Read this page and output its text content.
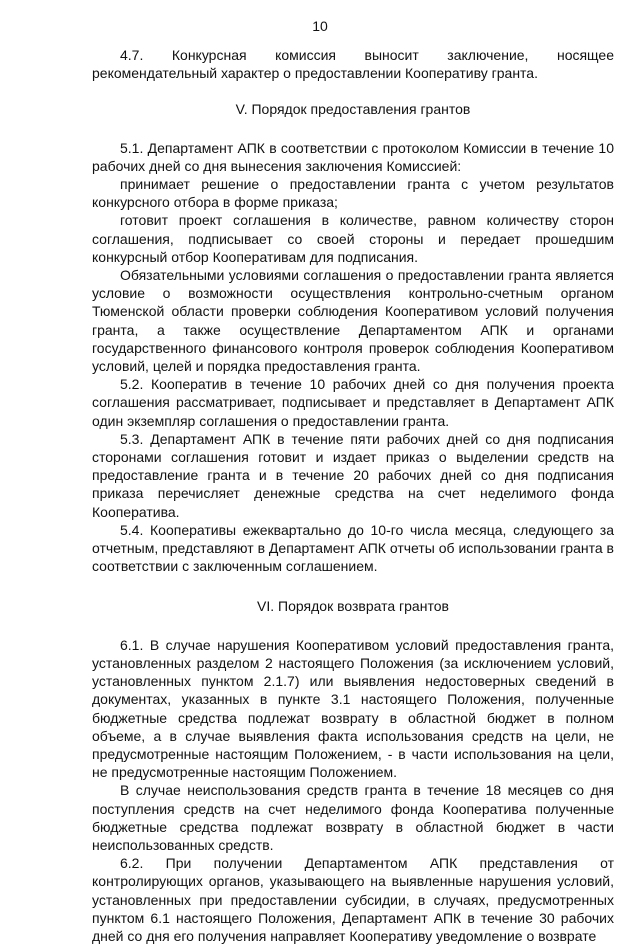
10

4.7. Конкурсная комиссия выносит заключение, носящее рекомендательный характер о предоставлении Кооперативу гранта.

V. Порядок предоставления грантов

5.1. Департамент АПК в соответствии с протоколом Комиссии в течение 10 рабочих дней со дня вынесения заключения Комиссией:

принимает решение о предоставлении гранта с учетом результатов конкурсного отбора в форме приказа;

готовит проект соглашения в количестве, равном количеству сторон соглашения, подписывает со своей стороны и передает прошедшим конкурсный отбор Кооперативам для подписания.

Обязательными условиями соглашения о предоставлении гранта является условие о возможности осуществления контрольно-счетным органом Тюменской области проверки соблюдения Кооперативом условий получения гранта, а также осуществление Департаментом АПК и органами государственного финансового контроля проверок соблюдения Кооперативом условий, целей и порядка предоставления гранта.

5.2. Кооператив в течение 10 рабочих дней со дня получения проекта соглашения рассматривает, подписывает и представляет в Департамент АПК один экземпляр соглашения о предоставлении гранта.

5.3. Департамент АПК в течение пяти рабочих дней со дня подписания сторонами соглашения готовит и издает приказ о выделении средств на предоставление гранта и в течение 20 рабочих дней со дня подписания приказа перечисляет денежные средства на счет неделимого фонда Кооператива.

5.4. Кооперативы ежеквартально до 10-го числа месяца, следующего за отчетным, представляют в Департамент АПК отчеты об использовании гранта в соответствии с заключенным соглашением.

VI. Порядок возврата грантов

6.1. В случае нарушения Кооперативом условий предоставления гранта, установленных разделом 2 настоящего Положения (за исключением условий, установленных пунктом 2.1.7) или выявления недостоверных сведений в документах, указанных в пункте 3.1 настоящего Положения, полученные бюджетные средства подлежат возврату в областной бюджет в полном объеме, а в случае выявления факта использования средств на цели, не предусмотренные настоящим Положением, - в части использования на цели, не предусмотренные настоящим Положением.

В случае неиспользования средств гранта в течение 18 месяцев со дня поступления средств на счет неделимого фонда Кооператива полученные бюджетные средства подлежат возврату в областной бюджет в части неиспользованных средств.

6.2. При получении Департаментом АПК представления от контролирующих органов, указывающего на выявленные нарушения условий, установленных при предоставлении субсидии, в случаях, предусмотренных пунктом 6.1 настоящего Положения, Департамент АПК в течение 30 рабочих дней со дня его получения направляет Кооперативу уведомление о возврате
